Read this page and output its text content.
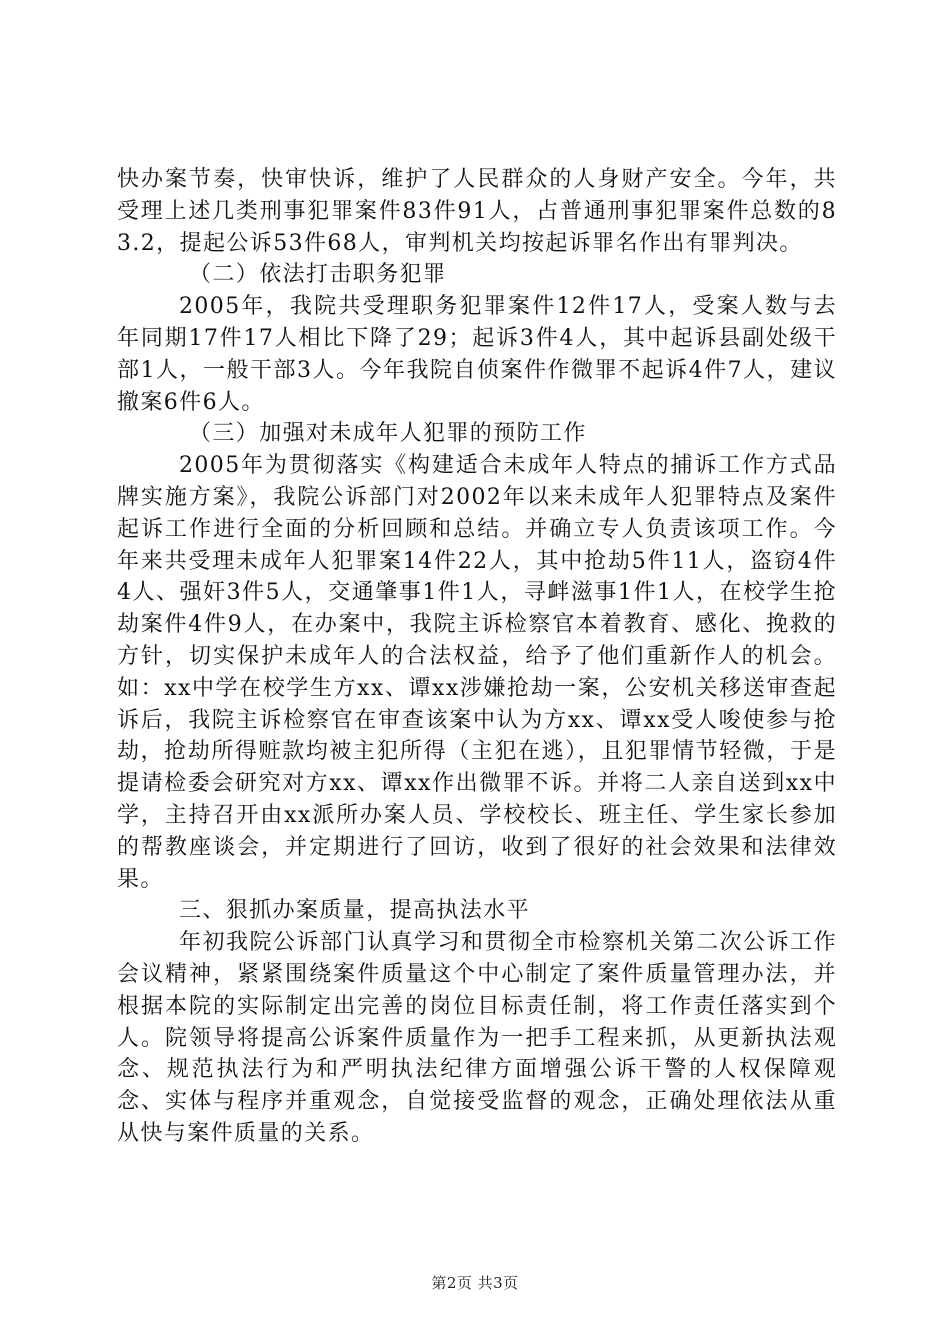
快办案节奏，快审快诉，维护了人民群众的人身财产安全。今年，共受理上述几类刑事犯罪案件83件91人，占普通刑事犯罪案件总数的83.2，提起公诉53件68人，审判机关均按起诉罪名作出有罪判决。

（二）依法打击职务犯罪

2005年，我院共受理职务犯罪案件12件17人，受案人数与去年同期17件17人相比下降了29；起诉3件4人，其中起诉县副处级干部1人，一般干部3人。今年我院自侦案件作微罪不起诉4件7人，建议撤案6件6人。

（三）加强对未成年人犯罪的预防工作

2005年为贯彻落实《构建适合未成年人特点的捕诉工作方式品牌实施方案》，我院公诉部门对2002年以来未成年人犯罪特点及案件起诉工作进行全面的分析回顾和总结。并确立专人负责该项工作。今年来共受理未成年人犯罪案14件22人，其中抢劫5件11人，盗窃4件4人、强奸3件5人，交通肇事1件1人，寻衅滋事1件1人，在校学生抢劫案件4件9人，在办案中，我院主诉检察官本着教育、感化、挽救的方针，切实保护未成年人的合法权益，给予了他们重新作人的机会。如：xx中学在校学生方xx、谭xx涉嫌抢劫一案，公安机关移送审查起诉后，我院主诉检察官在审查该案中认为方xx、谭xx受人唆使参与抢劫，抢劫所得赃款均被主犯所得（主犯在逃），且犯罪情节轻微，于是提请检委会研究对方xx、谭xx作出微罪不诉。并将二人亲自送到xx中学，主持召开由xx派所办案人员、学校校长、班主任、学生家长参加的帮教座谈会，并定期进行了回访，收到了很好的社会效果和法律效果。

三、狠抓办案质量，提高执法水平

年初我院公诉部门认真学习和贯彻全市检察机关第二次公诉工作会议精神，紧紧围绕案件质量这个中心制定了案件质量管理办法，并根据本院的实际制定出完善的岗位目标责任制，将工作责任落实到个人。院领导将提高公诉案件质量作为一把手工程来抓，从更新执法观念、规范执法行为和严明执法纪律方面增强公诉干警的人权保障观念、实体与程序并重观念，自觉接受监督的观念，正确处理依法从重从快与案件质量的关系。

第2页 共3页
